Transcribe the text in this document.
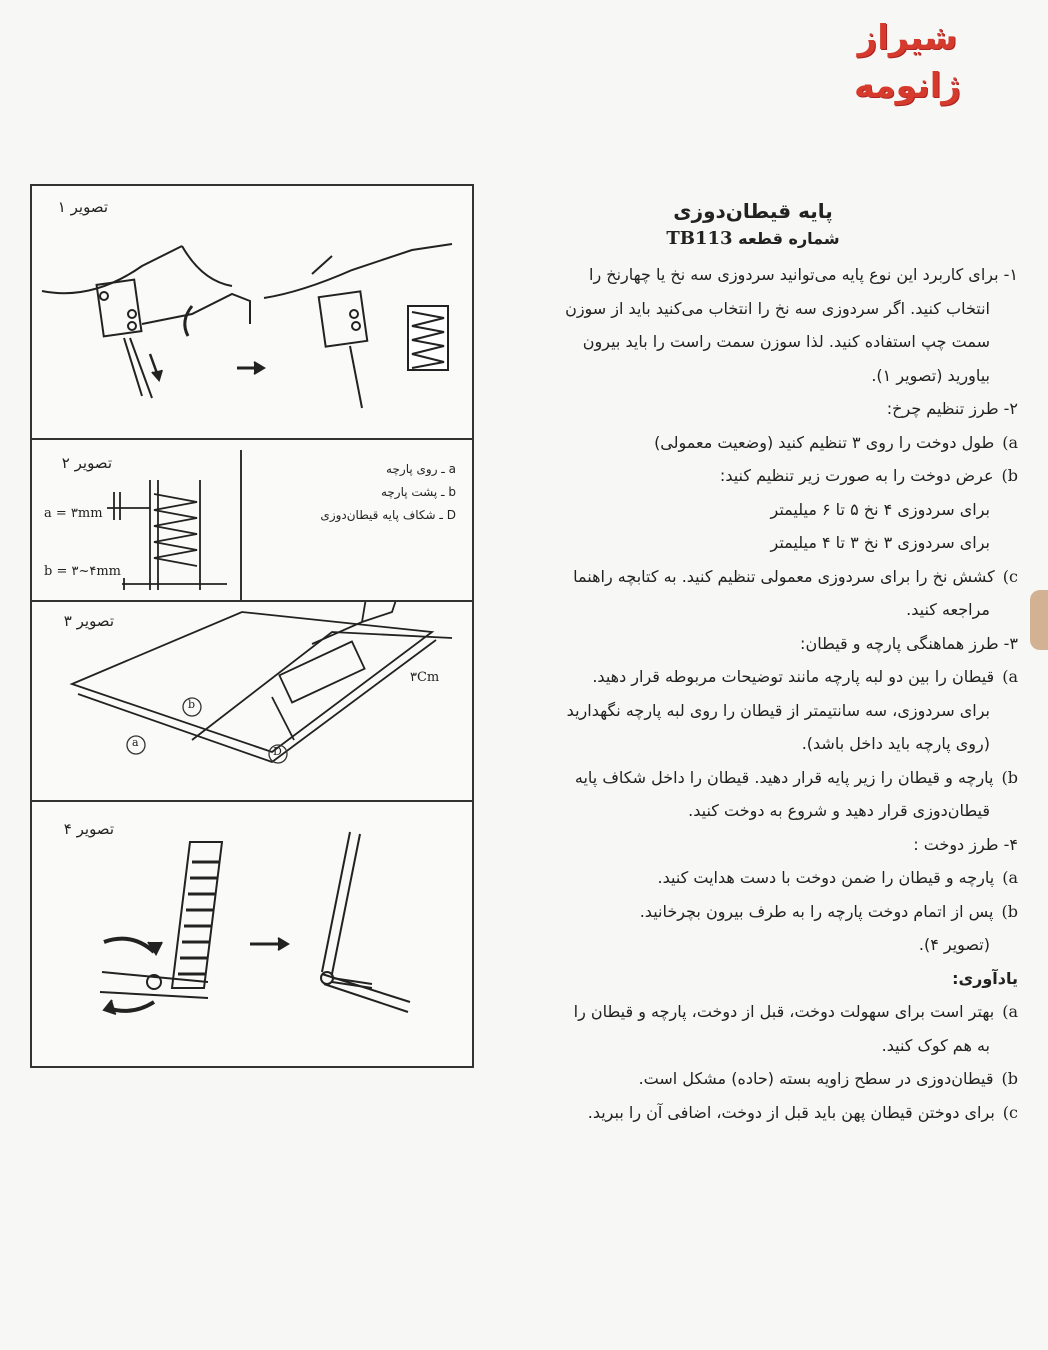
شیراز ژانومه
تصویر ۱
تصویر ۲
a = ۳mm
b = ۳~۴mm
a ـ روی پارچه
b ـ پشت پارچه
D ـ شکاف پایه قیطان‌دوزی
تصویر ۳
۳Cm
b
a
D
تصویر ۴
پایه قیطان‌دوزی
شماره قطعه TB113
۱- برای کاربرد این نوع پایه می‌توانید سردوزی سه نخ یا چهارنخ را
انتخاب کنید. اگر سردوزی سه نخ را انتخاب می‌کنید باید از سوزن
سمت چپ استفاده کنید. لذا سوزن سمت راست را باید بیرون
بیاورید (تصویر ۱).
۲- طرز تنظیم چرخ:
a)طول دوخت را روی ۳ تنظیم کنید (وضعیت معمولی)
b)عرض دوخت را به صورت زیر تنظیم کنید:
برای سردوزی ۴ نخ ۵ تا ۶ میلیمتر
برای سردوزی ۳ نخ ۳ تا ۴ میلیمتر
c)کشش نخ را برای سردوزی معمولی تنظیم کنید. به کتابچه راهنما
مراجعه کنید.
۳- طرز هماهنگی پارچه و قیطان:
a)قیطان را بین دو لبه پارچه مانند توضیحات مربوطه قرار دهید.
برای سردوزی، سه سانتیمتر از قیطان را روی لبه پارچه نگهدارید
(روی پارچه باید داخل باشد).
b)پارچه و قیطان را زیر پایه قرار دهید. قیطان را داخل شکاف پایه
قیطان‌دوزی قرار دهید و شروع به دوخت کنید.
۴- طرز دوخت :
a)پارچه و قیطان را ضمن دوخت با دست هدایت کنید.
b)پس از اتمام دوخت پارچه را به طرف بیرون بچرخانید.
(تصویر ۴).
یادآوری:
a)بهتر است برای سهولت دوخت، قبل از دوخت، پارچه و قیطان را
به هم کوک کنید.
b)قیطان‌دوزی در سطح زاویه بسته (حاده) مشکل است.
c)برای دوختن قیطان پهن باید قبل از دوخت، اضافی آن را ببرید.
